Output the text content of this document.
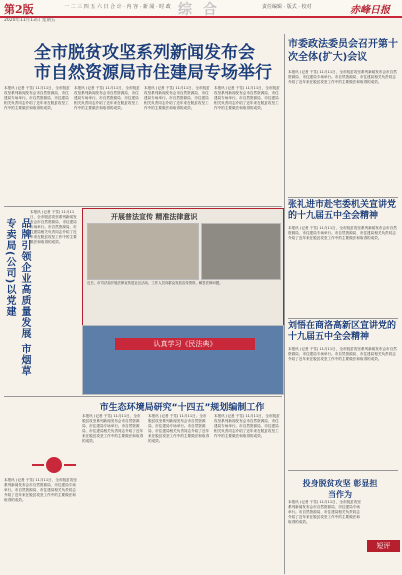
第2版	一 二 三 四 五 六 日 合 计 · 内 容 · 新 闻 · 时 政 综 合	责任编辑 · 版式 · 校对	赤峰日报
2020年11月13日 星期五
全市脱贫攻坚系列新闻发布会
市自然资源局市住建局专场举行
市委政法委员会召开第十次全体(扩大)会议
本报讯 (记者 于雪) 11月11日，全市脱贫攻坚系列新闻发布会市自然资源局、市住建局专场举行。市自然资源局、市住建局相关负责同志介绍了近年来在脱贫攻坚工作中的主要做法和取得的成效。
本报讯 (记者 于雪) 11月11日，全市脱贫攻坚系列新闻发布会市自然资源局、市住建局专场举行。市自然资源局、市住建局相关负责同志介绍了近年来在脱贫攻坚工作中的主要做法和取得的成效。
本报讯 (记者 于雪) 11月11日，全市脱贫攻坚系列新闻发布会市自然资源局、市住建局专场举行。市自然资源局、市住建局相关负责同志介绍了近年来在脱贫攻坚工作中的主要做法和取得的成效。
本报讯 (记者 于雪) 11月11日，全市脱贫攻坚系列新闻发布会市自然资源局、市住建局专场举行。市自然资源局、市住建局相关负责同志介绍了近年来在脱贫攻坚工作中的主要做法和取得的成效。
本报讯 (记者 于雪) 11月11日，全市脱贫攻坚系列新闻发布会市自然资源局、市住建局专场举行。市自然资源局、市住建局相关负责同志介绍了近年来在脱贫攻坚工作中的主要做法和取得的成效。
张礼进市赴宅委机关宣讲党的十九届五中全会精神
本报讯 (记者 于雪) 11月11日，全市脱贫攻坚系列新闻发布会市自然资源局、市住建局专场举行。市自然资源局、市住建局相关负责同志介绍了近年来在脱贫攻坚工作中的主要做法和取得的成效。
刘悟在商洛高新区宣讲党的十九届五中全会精神
本报讯 (记者 于雪) 11月11日，全市脱贫攻坚系列新闻发布会市自然资源局、市住建局专场举行。市自然资源局、市住建局相关负责同志介绍了近年来在脱贫攻坚工作中的主要做法和取得的成效。
投身脱贫攻坚 彰显担当作为
短评
本报讯 (记者 于雪) 11月11日，全市脱贫攻坚系列新闻发布会市自然资源局、市住建局专场举行。市自然资源局、市住建局相关负责同志介绍了近年来在脱贫攻坚工作中的主要做法和取得的成效。
品牌引领企业高质量发展 市烟草专卖局(公司)以党建
本报讯 (记者 于雪) 11月11日，全市脱贫攻坚系列新闻发布会市自然资源局、市住建局专场举行。市自然资源局、市住建局相关负责同志介绍了近年来在脱贫攻坚工作中的主要做法和取得的成效。
开展普法宣传 精准法律意识
近日，市司法局开展法律宣传进社区活动，工作人员向群众发放宣传资料、解答法律问题。
认真学习《民法典》
市生态环境局研究“十四五”规划编制工作
本报讯 (记者 于雪) 11月11日，全市脱贫攻坚系列新闻发布会市自然资源局、市住建局专场举行。市自然资源局、市住建局相关负责同志介绍了近年来在脱贫攻坚工作中的主要做法和取得的成效。
本报讯 (记者 于雪) 11月11日，全市脱贫攻坚系列新闻发布会市自然资源局、市住建局专场举行。市自然资源局、市住建局相关负责同志介绍了近年来在脱贫攻坚工作中的主要做法和取得的成效。
本报讯 (记者 于雪) 11月11日，全市脱贫攻坚系列新闻发布会市自然资源局、市住建局专场举行。市自然资源局、市住建局相关负责同志介绍了近年来在脱贫攻坚工作中的主要做法和取得的成效。
本报讯 (记者 于雪) 11月11日，全市脱贫攻坚系列新闻发布会市自然资源局、市住建局专场举行。市自然资源局、市住建局相关负责同志介绍了近年来在脱贫攻坚工作中的主要做法和取得的成效。
